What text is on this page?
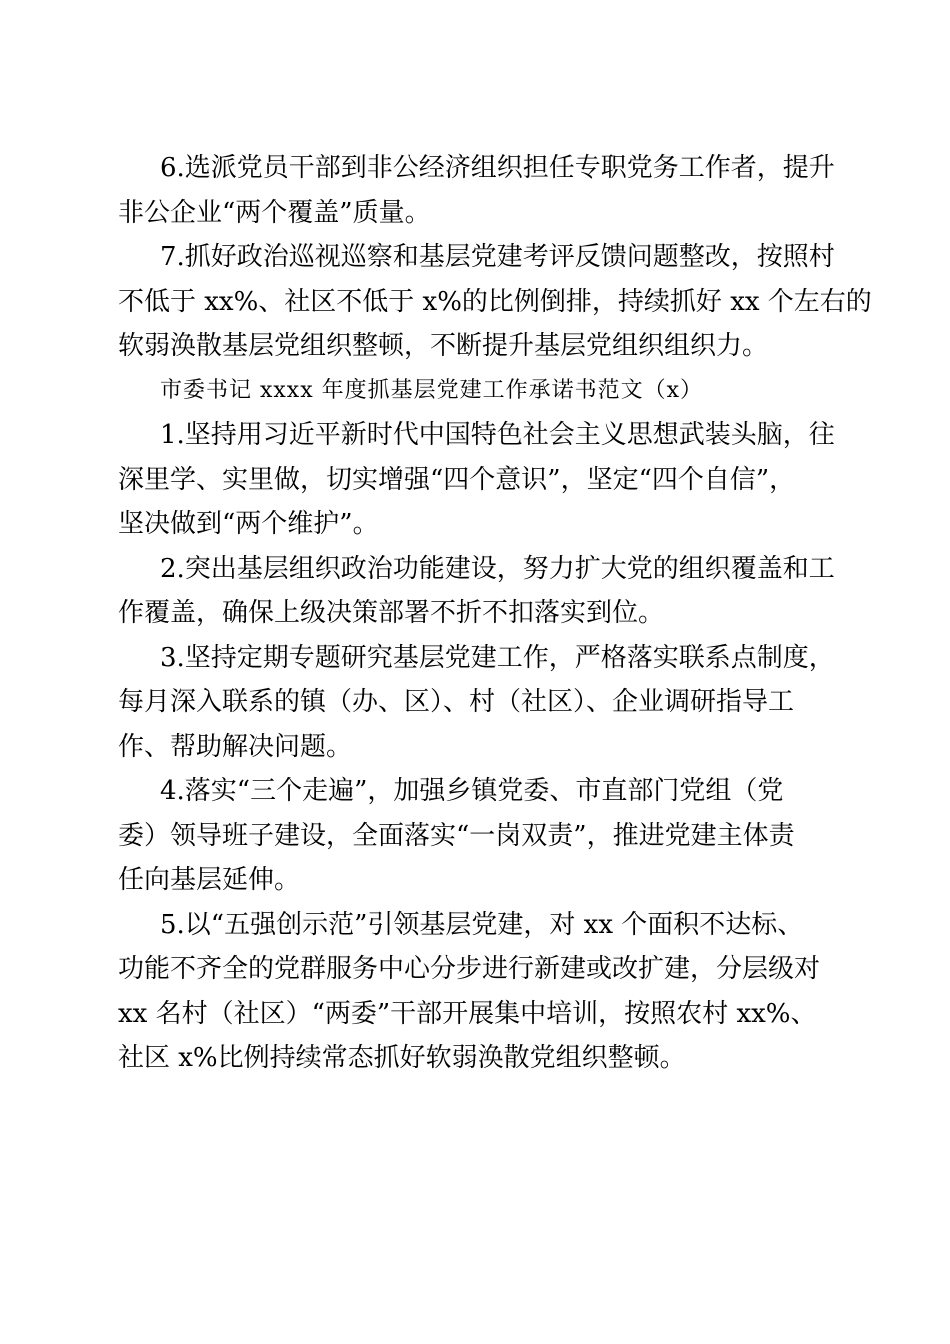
6.选派党员干部到非公经济组织担任专职党务工作者，提升
非公企业“两个覆盖”质量。
7.抓好政治巡视巡察和基层党建考评反馈问题整改，按照村
不低于 xx%、社区不低于 x%的比例倒排，持续抓好 xx 个左右的
软弱涣散基层党组织整顿，不断提升基层党组织组织力。
市委书记 xxxx 年度抓基层党建工作承诺书范文（x）
1.坚持用习近平新时代中国特色社会主义思想武装头脑，往
深里学、实里做，切实增强“四个意识”，坚定“四个自信”，
坚决做到“两个维护”。
2.突出基层组织政治功能建设，努力扩大党的组织覆盖和工
作覆盖，确保上级决策部署不折不扣落实到位。
3.坚持定期专题研究基层党建工作，严格落实联系点制度，
每月深入联系的镇（办、区）、村（社区）、企业调研指导工
作、帮助解决问题。
4.落实“三个走遍”，加强乡镇党委、市直部门党组（党
委）领导班子建设，全面落实“一岗双责”，推进党建主体责
任向基层延伸。
5.以“五强创示范”引领基层党建，对 xx 个面积不达标、
功能不齐全的党群服务中心分步进行新建或改扩建，分层级对
xx 名村（社区）“两委”干部开展集中培训，按照农村 xx%、
社区 x%比例持续常态抓好软弱涣散党组织整顿。
